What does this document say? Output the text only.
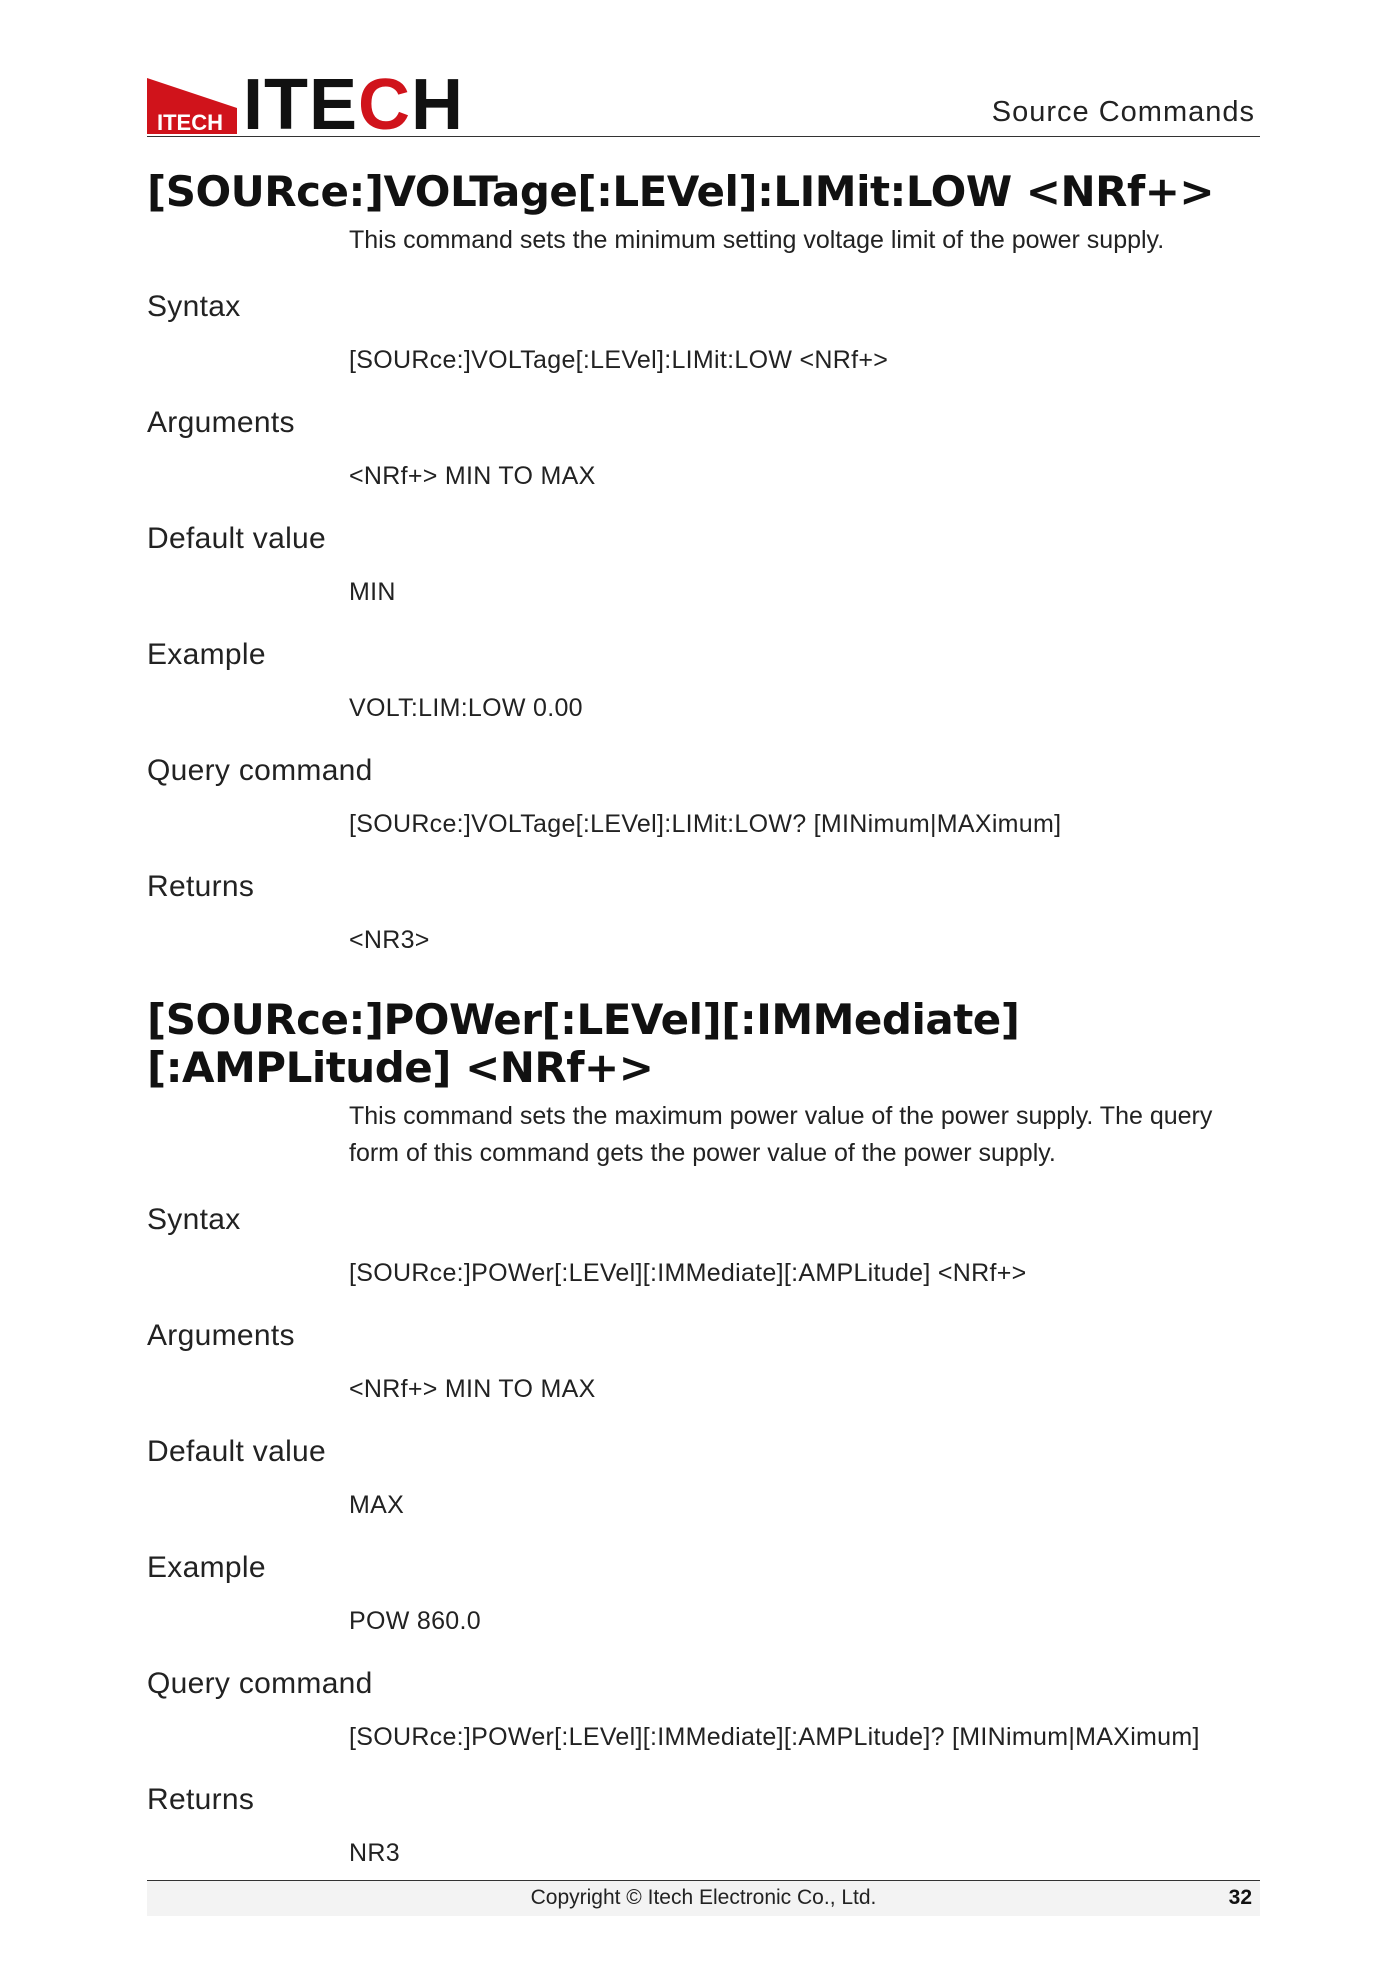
ITECH ITECH	Source Commands
[SOURce:]VOLTage[:LEVel]:LIMit:LOW <NRf+>
This command sets the minimum setting voltage limit of the power supply.
Syntax
[SOURce:]VOLTage[:LEVel]:LIMit:LOW <NRf+>
Arguments
<NRf+> MIN TO MAX
Default value
MIN
Example
VOLT:LIM:LOW 0.00
Query command
[SOURce:]VOLTage[:LEVel]:LIMit:LOW? [MINimum|MAXimum]
Returns
<NR3>
[SOURce:]POWer[:LEVel][:IMMediate][:AMPLitude] <NRf+>
This command sets the maximum power value of the power supply. The query form of this command gets the power value of the power supply.
Syntax
[SOURce:]POWer[:LEVel][:IMMediate][:AMPLitude] <NRf+>
Arguments
<NRf+> MIN TO MAX
Default value
MAX
Example
POW 860.0
Query command
[SOURce:]POWer[:LEVel][:IMMediate][:AMPLitude]? [MINimum|MAXimum]
Returns
NR3
Copyright © Itech Electronic Co., Ltd.	32
